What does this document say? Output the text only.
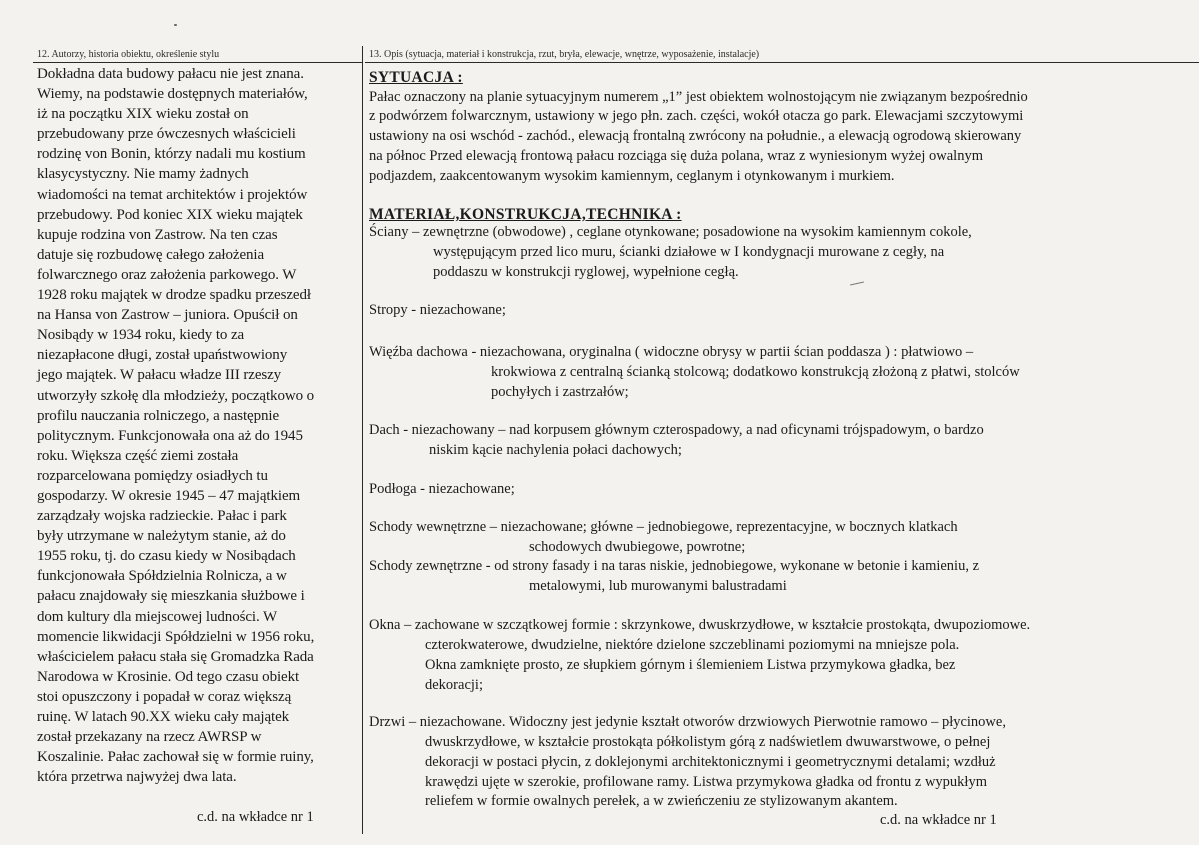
12. Autorzy, historia obiektu, określenie stylu	13. Opis (sytuacja, materiał i konstrukcja, rzut, bryła, elewacje, wnętrze, wyposażenie, instalacje)
Dokładna data budowy pałacu nie jest znana.
Wiemy, na podstawie dostępnych materiałów,
iż na początku XIX wieku został on
przebudowany prze ówczesnych właścicieli
rodzinę von Bonin, którzy nadali mu kostium
klasycystyczny. Nie mamy żadnych
wiadomości na temat architektów i projektów
przebudowy. Pod koniec XIX wieku majątek
kupuje rodzina von Zastrow. Na ten czas
datuje się rozbudowę całego założenia
folwarcznego oraz założenia parkowego. W
1928 roku majątek w drodze spadku przeszedł
na Hansa von Zastrow – juniora. Opuścił on
Nosibądy w 1934 roku, kiedy to za
niezapłacone długi, został upaństwowiony
jego majątek. W pałacu władze III rzeszy
utworzyły szkołę dla młodzieży, początkowo o
profilu nauczania rolniczego, a następnie
politycznym. Funkcjonowała ona aż do 1945
roku. Większa część ziemi została
rozparcelowana pomiędzy osiadłych tu
gospodarzy. W okresie 1945 – 47 majątkiem
zarządzały wojska radzieckie. Pałac i park
były utrzymane w należytym stanie, aż do
1955 roku, tj. do czasu kiedy w Nosibądach
funkcjonowała Spółdzielnia Rolnicza, a w
pałacu znajdowały się mieszkania służbowe i
dom kultury dla miejscowej ludności. W
momencie likwidacji Spółdzielni w 1956 roku,
właścicielem pałacu stała się Gromadzka Rada
Narodowa w Krosinie. Od tego czasu obiekt
stoi opuszczony i popadał w coraz większą
ruinę. W latach 90.XX wieku cały majątek
został przekazany na rzecz AWRSP w
Koszalinie. Pałac zachował się w formie ruiny,
która przetrwa najwyżej dwa lata.
c.d. na wkładce nr 1
SYTUACJA :
Pałac oznaczony na planie sytuacyjnym numerem „1” jest obiektem wolnostojącym nie związanym bezpośrednio
z podwórzem folwarcznym, ustawiony w jego płn. zach. części, wokół otacza go park. Elewacjami szczytowymi
ustawiony na osi wschód - zachód., elewacją frontalną zwrócony na południe., a elewacją ogrodową skierowany
na północ Przed elewacją frontową pałacu rozciąga się duża polana, wraz z wyniesionym wyżej owalnym
podjazdem, zaakcentowanym wysokim kamiennym, ceglanym i otynkowanym i murkiem.
MATERIAŁ,KONSTRUKCJA,TECHNIKA :
Ściany – zewnętrzne (obwodowe) , ceglane otynkowane; posadowione na wysokim kamiennym cokole,
występującym przed lico muru, ścianki działowe w I kondygnacji murowane z cegły, na
poddaszu w konstrukcji ryglowej, wypełnione cegłą.
Stropy - niezachowane;
Więźba dachowa - niezachowana, oryginalna ( widoczne obrysy w partii ścian poddasza ) : płatwiowo –
krokwiowa z centralną ścianką stolcową; dodatkowo konstrukcją złożoną z płatwi, stolców
pochyłych i zastrzałów;
Dach - niezachowany – nad korpusem głównym czterospadowy, a nad oficynami trójspadowym, o bardzo
niskim kącie nachylenia połaci dachowych;
Podłoga - niezachowane;
Schody wewnętrzne – niezachowane; główne – jednobiegowe, reprezentacyjne, w bocznych klatkach
schodowych dwubiegowe, powrotne;
Schody zewnętrzne - od strony fasady i na taras niskie, jednobiegowe, wykonane w betonie i kamieniu, z
metalowymi, lub murowanymi balustradami
Okna – zachowane w szczątkowej formie : skrzynkowe, dwuskrzydłowe, w kształcie prostokąta, dwupoziomowe.
czterokwaterowe, dwudzielne, niektóre dzielone szczeblinami poziomymi na mniejsze pola.
Okna zamknięte prosto, ze słupkiem górnym i ślemieniem Listwa przymykowa gładka, bez
dekoracji;
Drzwi – niezachowane. Widoczny jest jedynie kształt otworów drzwiowych Pierwotnie ramowo – płycinowe,
dwuskrzydłowe, w kształcie prostokąta półkolistym górą z nadświetlem dwuwarstwowe, o pełnej
dekoracji w postaci płycin, z doklejonymi architektonicznymi i geometrycznymi detalami; wzdłuż
krawędzi ujęte w szerokie, profilowane ramy. Listwa przymykowa gładka od frontu z wypukłym
reliefem w formie owalnych perełek, a w zwieńczeniu ze stylizowanym akantem.
c.d. na wkładce nr 1
